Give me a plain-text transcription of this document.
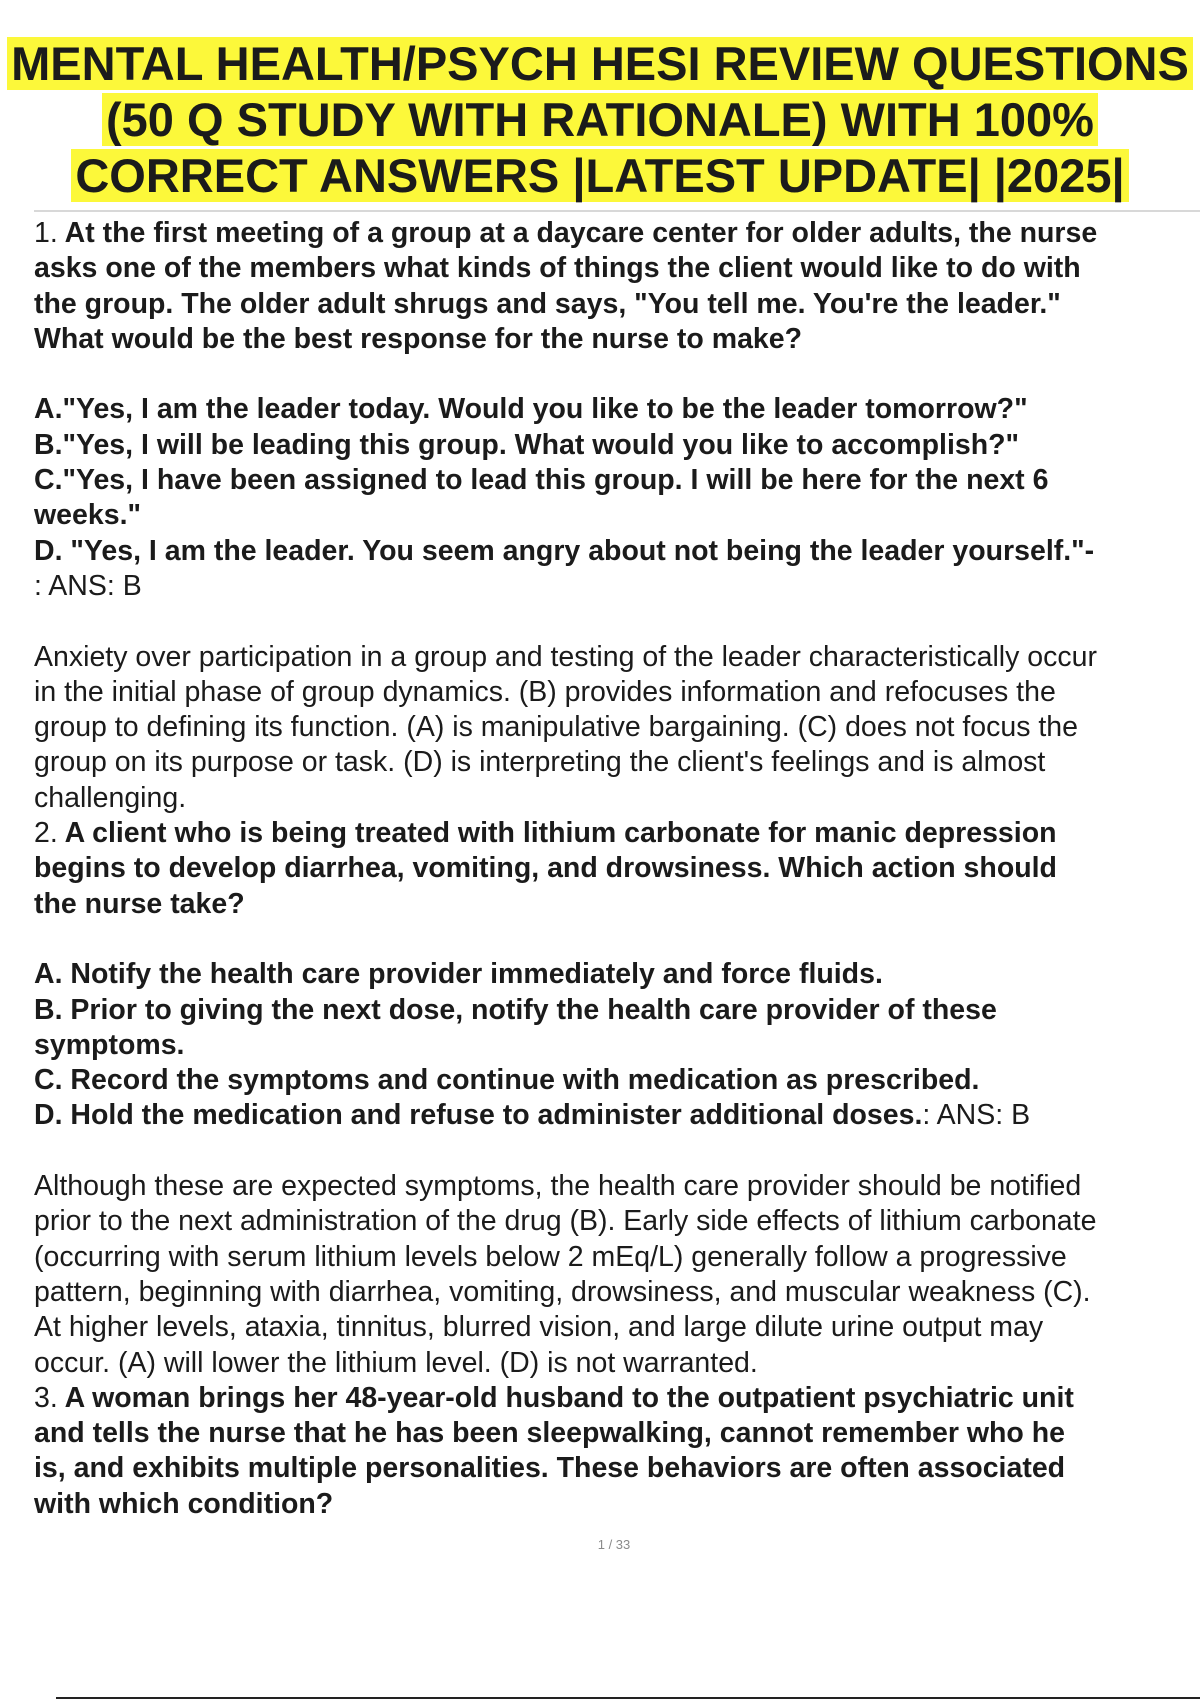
MENTAL HEALTH/PSYCH HESI REVIEW QUESTIONS
(50 Q STUDY WITH RATIONALE) WITH 100%
CORRECT ANSWERS |LATEST UPDATE| |2025|
1. At the first meeting of a group at a daycare center for older adults, the nurse
asks one of the members what kinds of things the client would like to do with
the group. The older adult shrugs and says, "You tell me. You're the leader."
What would be the best response for the nurse to make?
A."Yes, I am the leader today. Would you like to be the leader tomorrow?"
B."Yes, I will be leading this group. What would you like to accomplish?"
C."Yes, I have been assigned to lead this group. I will be here for the next 6
weeks."
D. "Yes, I am the leader. You seem angry about not being the leader yourself."-
: ANS: B
Anxiety over participation in a group and testing of the leader characteristically occur
in the initial phase of group dynamics. (B) provides information and refocuses the
group to defining its function. (A) is manipulative bargaining. (C) does not focus the
group on its purpose or task. (D) is interpreting the client's feelings and is almost
challenging.
2. A client who is being treated with lithium carbonate for manic depression
begins to develop diarrhea, vomiting, and drowsiness. Which action should
the nurse take?
A. Notify the health care provider immediately and force fluids.
B. Prior to giving the next dose, notify the health care provider of these
symptoms.
C. Record the symptoms and continue with medication as prescribed.
D. Hold the medication and refuse to administer additional doses.: ANS: B
Although these are expected symptoms, the health care provider should be notified
prior to the next administration of the drug (B). Early side effects of lithium carbonate
(occurring with serum lithium levels below 2 mEq/L) generally follow a progressive
pattern, beginning with diarrhea, vomiting, drowsiness, and muscular weakness (C).
At higher levels, ataxia, tinnitus, blurred vision, and large dilute urine output may
occur. (A) will lower the lithium level. (D) is not warranted.
3. A woman brings her 48-year-old husband to the outpatient psychiatric unit
and tells the nurse that he has been sleepwalking, cannot remember who he
is, and exhibits multiple personalities. These behaviors are often associated
with which condition?
1 / 33
